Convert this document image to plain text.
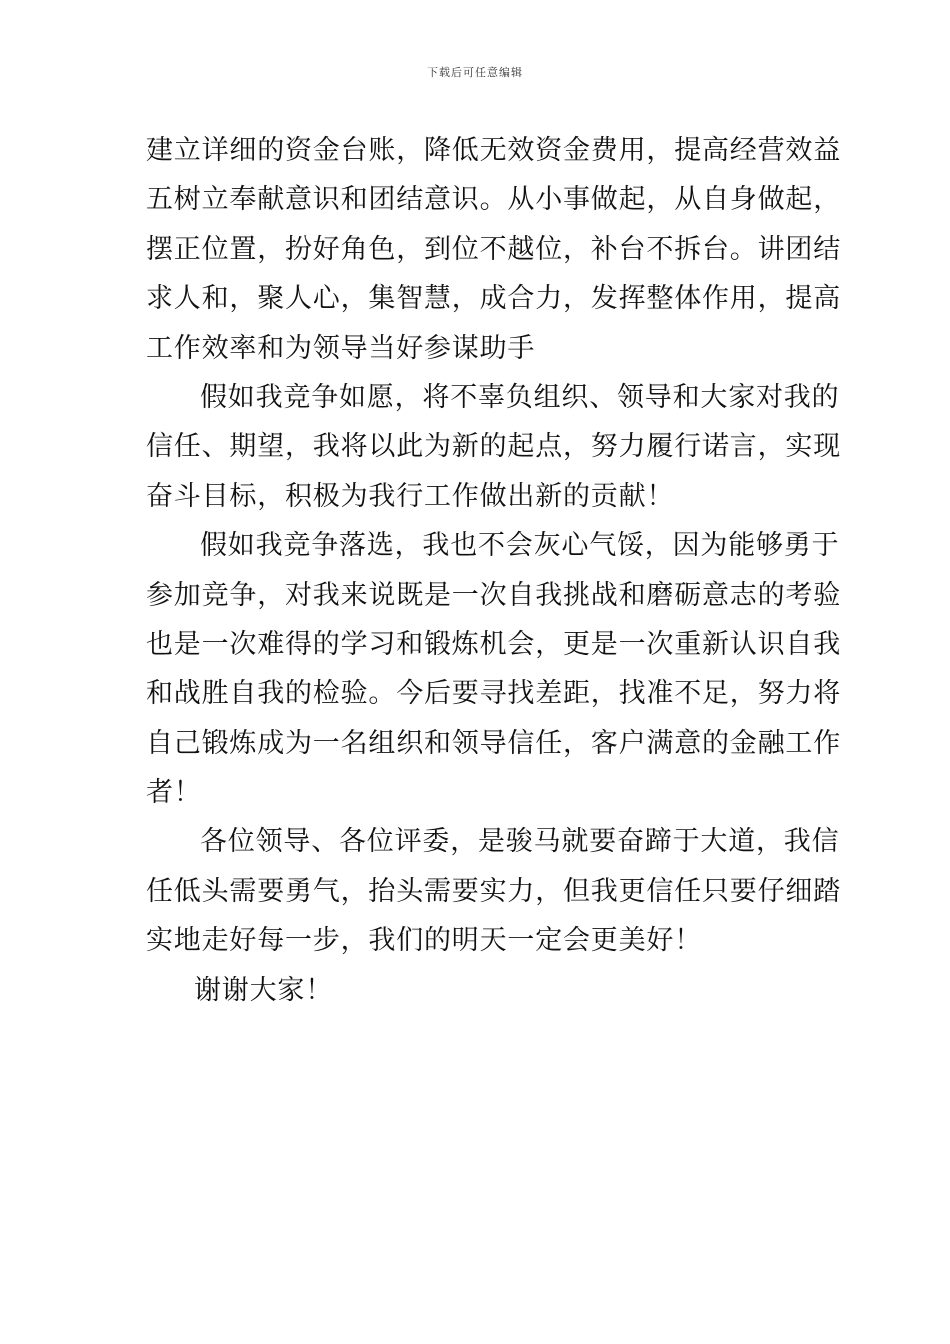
下载后可任意编辑
建立详细的资金台账，降低无效资金费用，提高经营效益
五树立奉献意识和团结意识。从小事做起，从自身做起，
摆正位置，扮好角色，到位不越位，补台不拆台。讲团结
求人和，聚人心，集智慧，成合力，发挥整体作用，提高
工作效率和为领导当好参谋助手
假如我竞争如愿，将不辜负组织、领导和大家对我的
信任、期望，我将以此为新的起点，努力履行诺言，实现
奋斗目标，积极为我行工作做出新的贡献！
假如我竞争落选，我也不会灰心气馁，因为能够勇于
参加竞争，对我来说既是一次自我挑战和磨砺意志的考验
也是一次难得的学习和锻炼机会，更是一次重新认识自我
和战胜自我的检验。今后要寻找差距，找准不足，努力将
自己锻炼成为一名组织和领导信任，客户满意的金融工作
者！
各位领导、各位评委，是骏马就要奋蹄于大道，我信
任低头需要勇气，抬头需要实力，但我更信任只要仔细踏
实地走好每一步，我们的明天一定会更美好！
谢谢大家！
